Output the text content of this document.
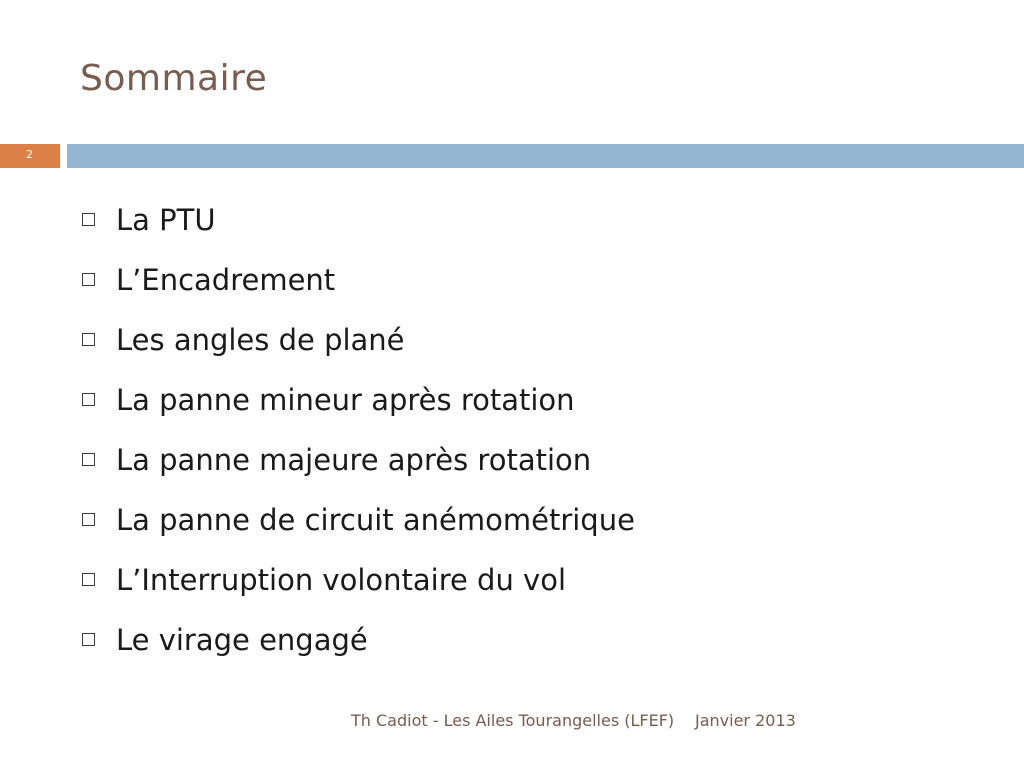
Sommaire
2
La PTU
L’Encadrement
Les angles de plané
La panne mineur après rotation
La panne majeure après rotation
La panne de circuit anémométrique
L’Interruption volontaire du vol
Le virage engagé
Th Cadiot - Les Ailes Tourangelles (LFEF) Janvier 2013
